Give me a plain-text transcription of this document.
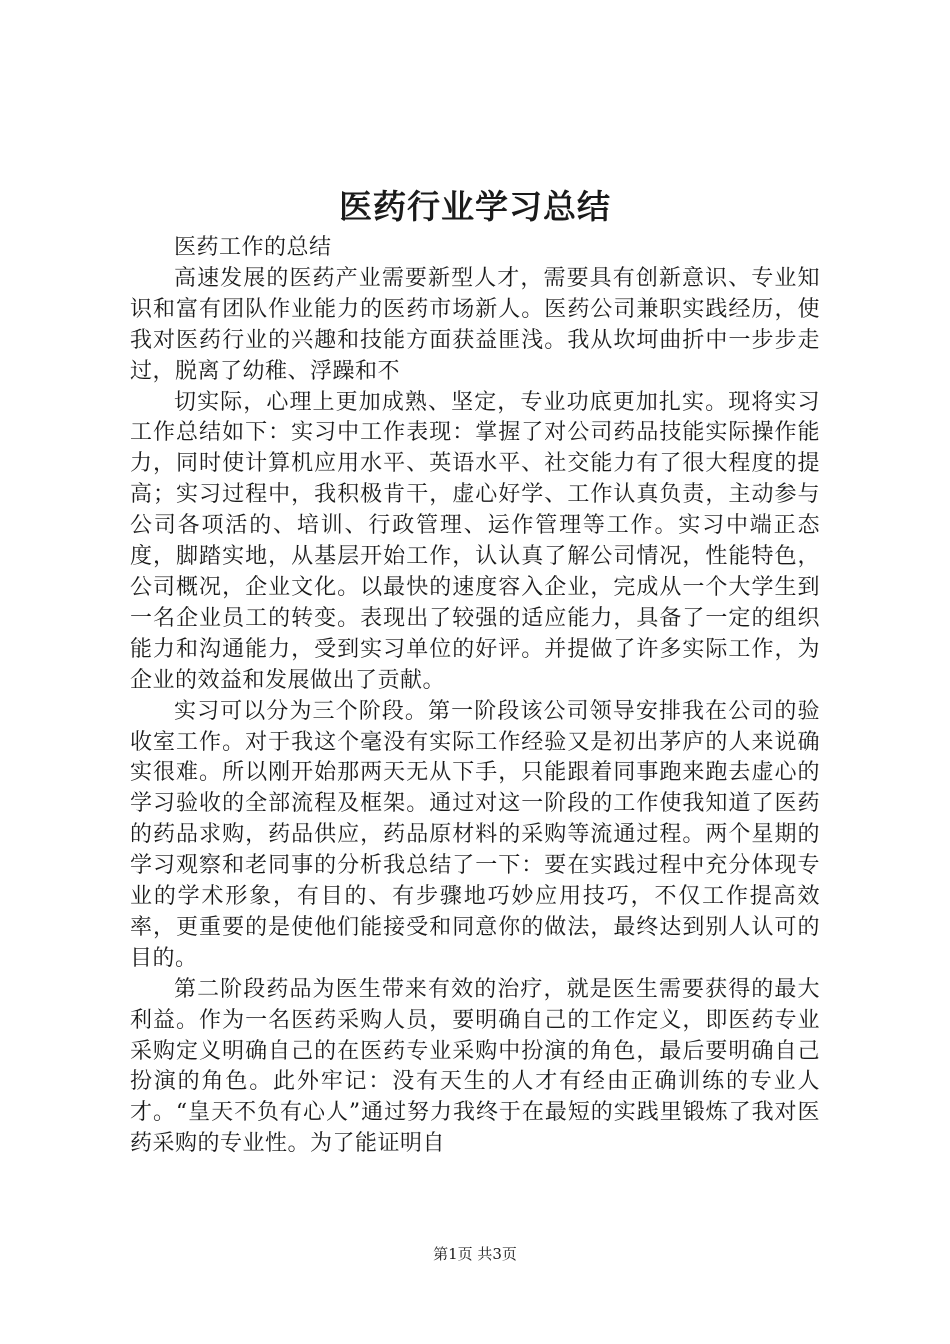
医药行业学习总结

医药工作的总结

高速发展的医药产业需要新型人才，需要具有创新意识、专业知识和富有团队作业能力的医药市场新人。医药公司兼职实践经历，使我对医药行业的兴趣和技能方面获益匪浅。我从坎坷曲折中一步步走过，脱离了幼稚、浮躁和不

切实际，心理上更加成熟、坚定，专业功底更加扎实。现将实习工作总结如下：实习中工作表现：掌握了对公司药品技能实际操作能力，同时使计算机应用水平、英语水平、社交能力有了很大程度的提高；实习过程中，我积极肯干，虚心好学、工作认真负责，主动参与公司各项活的、培训、行政管理、运作管理等工作。实习中端正态度，脚踏实地，从基层开始工作，认认真了解公司情况，性能特色，公司概况，企业文化。以最快的速度容入企业，完成从一个大学生到一名企业员工的转变。表现出了较强的适应能力，具备了一定的组织能力和沟通能力，受到实习单位的好评。并提做了许多实际工作，为企业的效益和发展做出了贡献。

实习可以分为三个阶段。第一阶段该公司领导安排我在公司的验收室工作。对于我这个毫没有实际工作经验又是初出茅庐的人来说确实很难。所以刚开始那两天无从下手，只能跟着同事跑来跑去虚心的学习验收的全部流程及框架。通过对这一阶段的工作使我知道了医药的药品求购，药品供应，药品原材料的采购等流通过程。两个星期的学习观察和老同事的分析我总结了一下：要在实践过程中充分体现专业的学术形象，有目的、有步骤地巧妙应用技巧，不仅工作提高效率，更重要的是使他们能接受和同意你的做法，最终达到别人认可的目的。

第二阶段药品为医生带来有效的治疗，就是医生需要获得的最大利益。作为一名医药采购人员，要明确自己的工作定义，即医药专业采购定义明确自己的在医药专业采购中扮演的角色，最后要明确自己扮演的角色。此外牢记：没有天生的人才有经由正确训练的专业人才。“皇天不负有心人”通过努力我终于在最短的实践里锻炼了我对医药采购的专业性。为了能证明自

第1页 共3页
